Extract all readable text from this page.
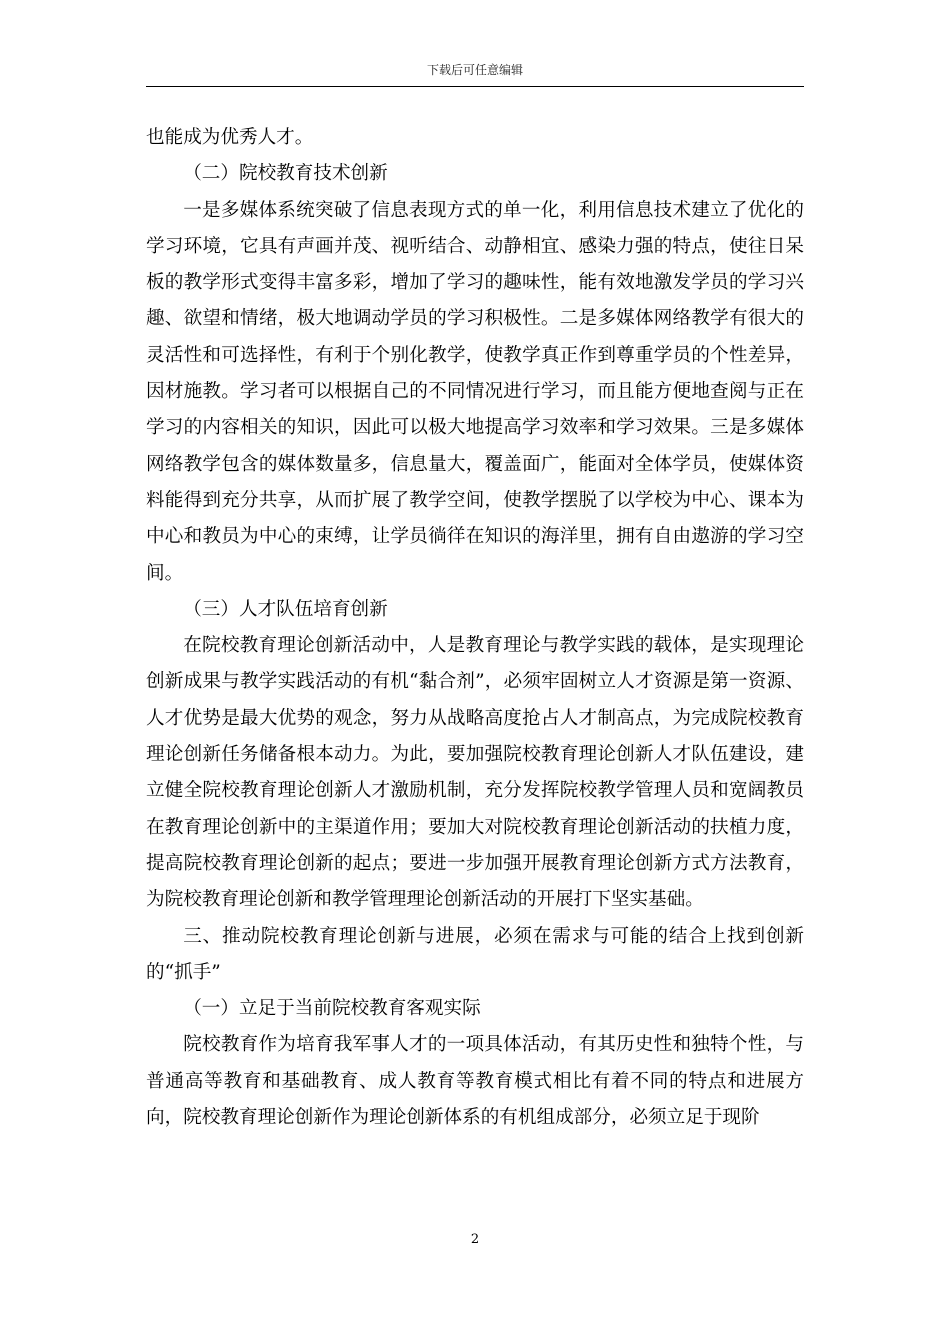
下载后可任意编辑

也能成为优秀人才。

（二）院校教育技术创新

一是多媒体系统突破了信息表现方式的单一化，利用信息技术建立了优化的学习环境，它具有声画并茂、视听结合、动静相宜、感染力强的特点，使往日呆板的教学形式变得丰富多彩，增加了学习的趣味性，能有效地激发学员的学习兴趣、欲望和情绪，极大地调动学员的学习积极性。二是多媒体网络教学有很大的灵活性和可选择性，有利于个别化教学，使教学真正作到尊重学员的个性差异，因材施教。学习者可以根据自己的不同情况进行学习，而且能方便地查阅与正在学习的内容相关的知识，因此可以极大地提高学习效率和学习效果。三是多媒体网络教学包含的媒体数量多，信息量大，覆盖面广，能面对全体学员，使媒体资料能得到充分共享，从而扩展了教学空间，使教学摆脱了以学校为中心、课本为中心和教员为中心的束缚，让学员徜徉在知识的海洋里，拥有自由遨游的学习空间。

（三）人才队伍培育创新

在院校教育理论创新活动中，人是教育理论与教学实践的载体，是实现理论创新成果与教学实践活动的有机“黏合剂”，必须牢固树立人才资源是第一资源、人才优势是最大优势的观念，努力从战略高度抢占人才制高点，为完成院校教育理论创新任务储备根本动力。为此，要加强院校教育理论创新人才队伍建设，建立健全院校教育理论创新人才激励机制，充分发挥院校教学管理人员和宽阔教员在教育理论创新中的主渠道作用；要加大对院校教育理论创新活动的扶植力度，提高院校教育理论创新的起点；要进一步加强开展教育理论创新方式方法教育，为院校教育理论创新和教学管理理论创新活动的开展打下坚实基础。

三、推动院校教育理论创新与进展，必须在需求与可能的结合上找到创新的“抓手”

（一）立足于当前院校教育客观实际

院校教育作为培育我军事人才的一项具体活动，有其历史性和独特个性，与普通高等教育和基础教育、成人教育等教育模式相比有着不同的特点和进展方向，院校教育理论创新作为理论创新体系的有机组成部分，必须立足于现阶

2
